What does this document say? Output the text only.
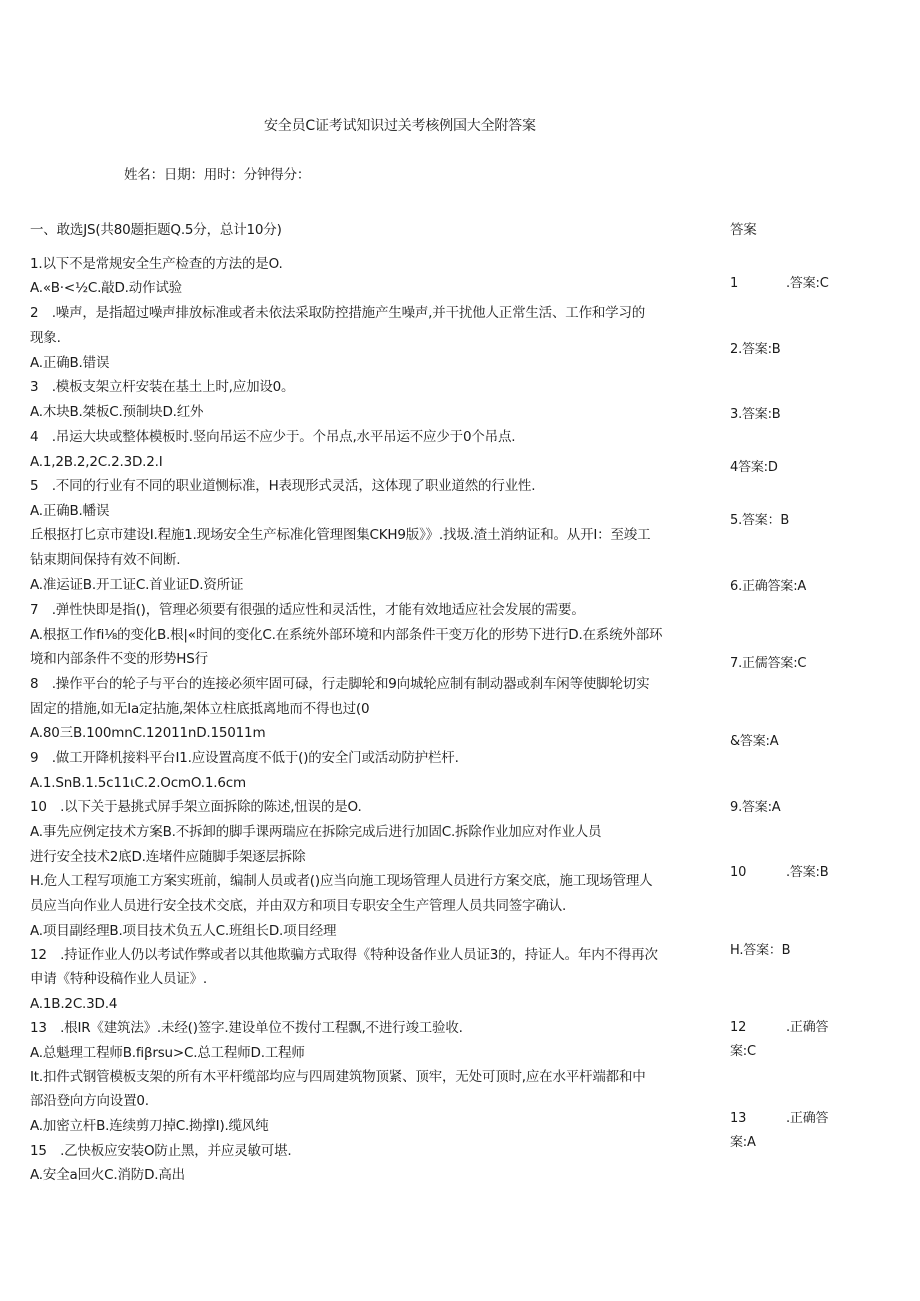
安全员C证考试知识过关考核例国大全附答案
姓名：日期：用时：分钟得分：
一、敢选JS(共80题拒题Q.5分，总计10分)	答案
1.以下不是常规安全生产检查的方法的是O.
A.«B·<½C.敲D.动作试验
2　.噪声，是指超过噪声排放标准或者未依法采取防控措施产生噪声,并干扰他人正常生活、工作和学习的
现象.
A.正确B.错误
3　.模板支架立杆安装在基土上时,应加设0。
A.木块B.桀板C.预制块D.红外
4　.吊运大块或整体模板时.竖向吊运不应少于。个吊点,水平吊运不应少于0个吊点.
A.1,2B.2,2C.2.3D.2.I
5　.不同的行业有不同的职业道恻标准，H表现形式灵活，这体现了职业道然的行业性.
A.正确B.幡误
丘根抠打匕京市建设I.程施1.现场安全生产标准化管理图集CKH9版》》.找圾.渣土消纳证和。从开I：至竣工
钻束期间保持有效不间断.
A.准运证B.开工证C.首业证D.资所证
7　.弹性快即是指()，管理必须要有很强的适应性和灵活性，才能有效地适应社会发展的需要。
A.根抠工作fi⅛的变化B.根|«时间的变化C.在系统外部环境和内部条件干变万化的形势下进行D.在系统外部环
境和内部条件不变的形势HS行
8　.操作平台的轮子与平台的连接必须牢固可碌，行走脚轮和9向城轮应制有制动器或刹车闲等使脚轮切实
固定的措施,如无Ia定拈施,架体立柱底抵离地而不得也过(0
A.80三B.100mnC.12011nD.15011m
9　.做工开降机接料平台I1.应设置高度不低于()的安全门或活动防护栏杆.
A.1.SnB.1.5c11ιC.2.OcmO.1.6cm
10　.以下关于悬挑式屏手架立面拆除的陈述,忸误的是O.
A.事先应例定技术方案B.不拆卸的脚手课两瑞应在拆除完成后进行加固C.拆除作业加应对作业人员
进行安全技术2底D.连堵件应随脚手架逐层拆除
H.危人工程写项施工方案实班前，编制人员或者()应当向施工现场管理人员进行方案交底，施工现场管理人
员应当向作业人员进行安全技术交底，并由双方和项目专职安全生产管理人员共同签字确认.
A.项目副经理B.项目技术负五人C.班组长D.项目经理
12　.持证作业人仍以考试作弊或者以其他欺骗方式取得《特种设备作业人员证3的，持证人。年内不得再次
申请《特种设稿作业人员证》.
A.1B.2C.3D.4
13　.根IR《建筑法》.未经()签字.建设单位不拨付工程飘,不进行竣工验收.
A.总魁理工程师B.fiβrsu>C.总工程师D.工程师
It.扣件式钢管模板支架的所有木平杆缆部均应与四周建筑物顶紧、顶牢，无处可顶时,应在水平杆端都和中
部沿登向方向设置0.
A.加密立杆B.连续剪刀掉C.拗撑I).缆风纯
15　.乙快板应安装O防止黑，并应灵敏可堪.
A.安全a回火C.消防D.高出
1	.答案:C
2.答案:B
3.答案:B
4答案:D
5.答案：B
6.正确答案:A
7.正儒答案:C
&答案:A
9.答案:A
10	.答案:B
H.答案：B
12	.正确答
案:C
13	.正确答
案:A
